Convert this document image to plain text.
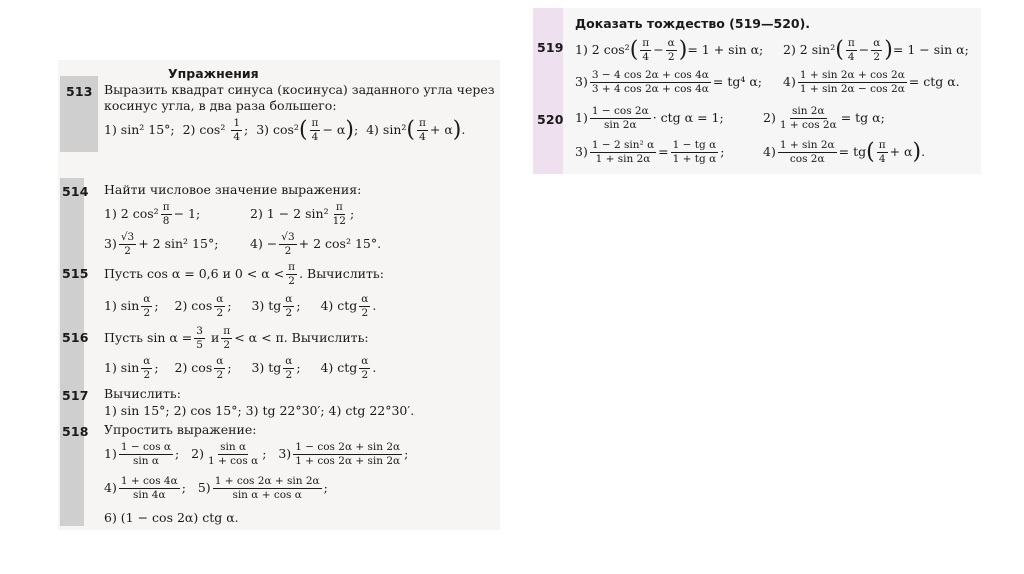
Упражнения
513 Выразить квадрат синуса (косинуса) заданного угла через
косинус угла, в два раза большего:
1) sin² 15°; 2) $\cos^2 \frac{1}{4}$ ; 3) $\cos^2( \frac{\pi}{4} - \alpha)$; 4) $\sin^2( \frac{\pi}{4} + \alpha)$.
514 Найти числовое значение выражения:
1) 2 $\cos^2 \frac{\pi}{8} - 1$;	2) 1 − 2 $\sin^2 \frac{\pi}{12}$ ;
$3) \frac{√3}{2} + 2$ sin² 15°;	$4) - \frac{√3}{2} + 2$ cos² 15°.
515 Пусть cos α = 0,6 и $0 < \alpha < \frac{\pi}{2}$ . Вычислить:
1) $\sin \frac{\alpha}{2}$ ; 2) $\cos \frac{\alpha}{2}$ ; 3) tg $\frac{\alpha}{2}$ ; 4) ctg $\frac{\alpha}{2}$ .
516 Пусть $\sin \alpha = \frac{3}{5}$ и $\frac{\pi}{2} < \alpha < \pi$. Вычислить:
1) $\sin \frac{\alpha}{2}$ ; 2) $\cos \frac{\alpha}{2}$ ; 3) tg $\frac{\alpha}{2}$ ; 4) ctg $\frac{\alpha}{2}$ .
517 Вычислить:
1) sin 15°; 2) cos 15°; 3) tg 22°30′; 4) ctg 22°30′.
518 Упростить выражение:
$1) \frac{\text{1 − cos α}}{\text{sin α}}$ ; $2) \frac{\text{sin α}}{\text{1 + cos α}}$ ; $3) \frac{1 - \cos 2\alpha + \sin 2\alpha}{1 + \cos 2\alpha + \sin 2\alpha}$ ;
$4) \frac{1 + \cos 4\alpha}{\sin 4\alpha}$ ; $5) \frac{1 + \cos 2\alpha + \sin 2\alpha}{\text{sin α + cos α}}$ ;
6) (1 − cos 2α) ctg α.
Доказать тождество (519—520).
519 1) 2 $\cos^2( \frac{\pi}{4} - \frac{\alpha}{2}$ )= 1 + sin α; 2) 2 $\sin^2( \frac{\pi}{4} - \frac{\alpha}{2}$ )= 1 − sin α;
$3) \frac{3 - 4 \cos 2\alpha + \cos 4\alpha}{3 + 4 \cos 2\alpha + \cos 4\alpha} = tg^4$ α; $4) \frac{1 + \sin 2\alpha + \cos 2\alpha}{1 + \sin 2\alpha - \cos 2\alpha}$ = ctg α.
520 $1) \frac{1 - \cos 2\alpha}{\sin 2\alpha}$ · ctg α = 1;	$2) \frac{\sin 2\alpha}{1 + \cos 2\alpha}$ = tg α;
$3) \frac{\text{1 − 2 sin² α}}{1 + \sin 2\alpha} = \frac{\text{1 − tg α}}{\text{1 + tg α}}$ ;	$4) \frac{1 + \sin 2\alpha}{\cos 2\alpha} = tg( \frac{\pi}{4} + \alpha)$.
